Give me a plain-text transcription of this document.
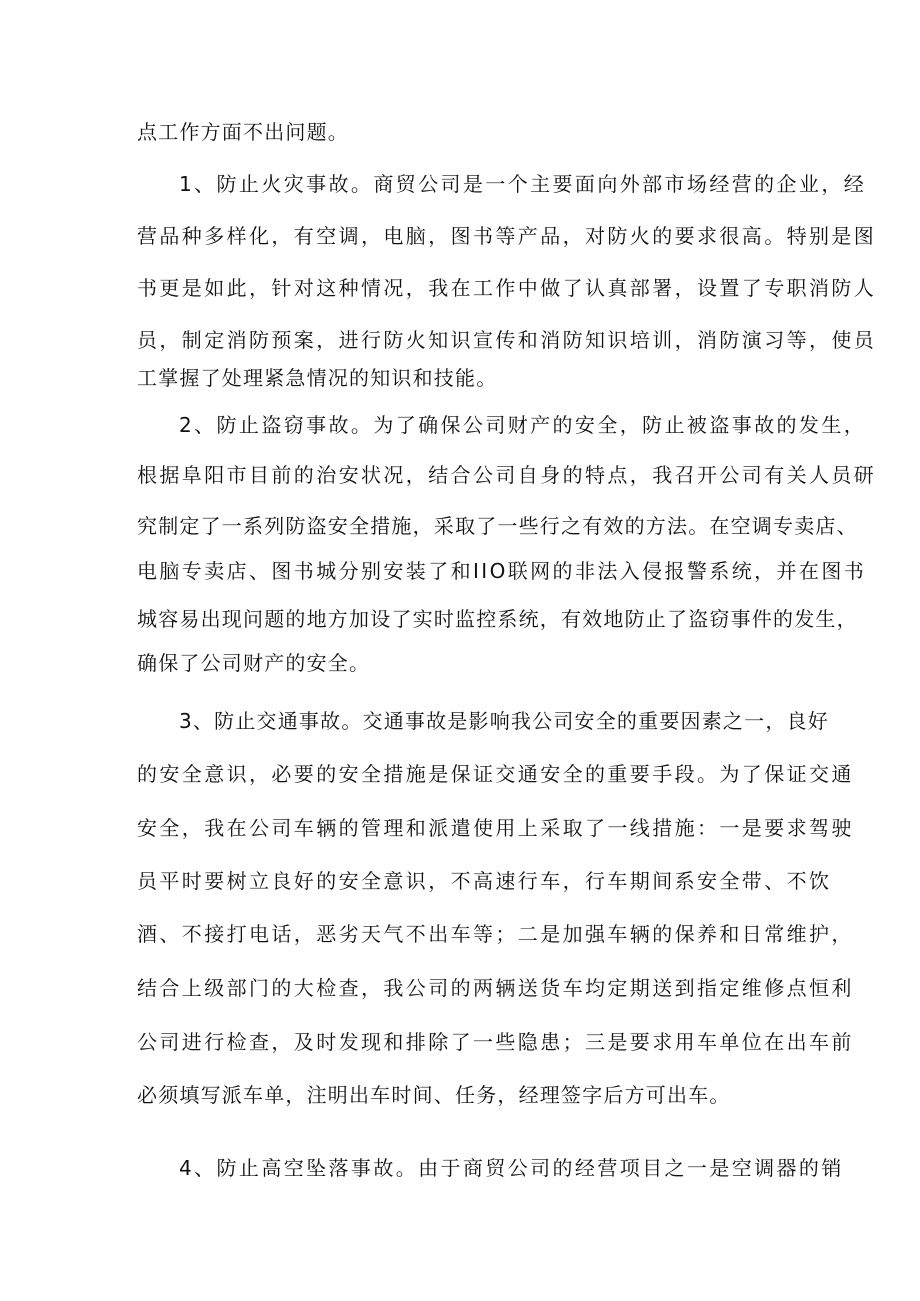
点工作方面不出问题。
1、防止火灾事故。商贸公司是一个主要面向外部市场经营的企业，经
营品种多样化，有空调，电脑，图书等产品，对防火的要求很高。特别是图
书更是如此，针对这种情况，我在工作中做了认真部署，设置了专职消防人
员，制定消防预案，进行防火知识宣传和消防知识培训，消防演习等，使员
工掌握了处理紧急情况的知识和技能。
2、防止盗窃事故。为了确保公司财产的安全，防止被盗事故的发生，
根据阜阳市目前的治安状况，结合公司自身的特点，我召开公司有关人员研
究制定了一系列防盗安全措施，采取了一些行之有效的方法。在空调专卖店、
电脑专卖店、图书城分别安装了和IIO联网的非法入侵报警系统，并在图书
城容易出现问题的地方加设了实时监控系统，有效地防止了盗窃事件的发生，
确保了公司财产的安全。
3、防止交通事故。交通事故是影响我公司安全的重要因素之一，良好
的安全意识，必要的安全措施是保证交通安全的重要手段。为了保证交通
安全，我在公司车辆的管理和派遣使用上采取了一线措施：一是要求驾驶
员平时要树立良好的安全意识，不高速行车，行车期间系安全带、不饮
酒、不接打电话，恶劣天气不出车等；二是加强车辆的保养和日常维护，
结合上级部门的大检查，我公司的两辆送货车均定期送到指定维修点恒利
公司进行检查，及时发现和排除了一些隐患；三是要求用车单位在出车前
必须填写派车单，注明出车时间、任务，经理签字后方可出车。
4、防止高空坠落事故。由于商贸公司的经营项目之一是空调器的销
